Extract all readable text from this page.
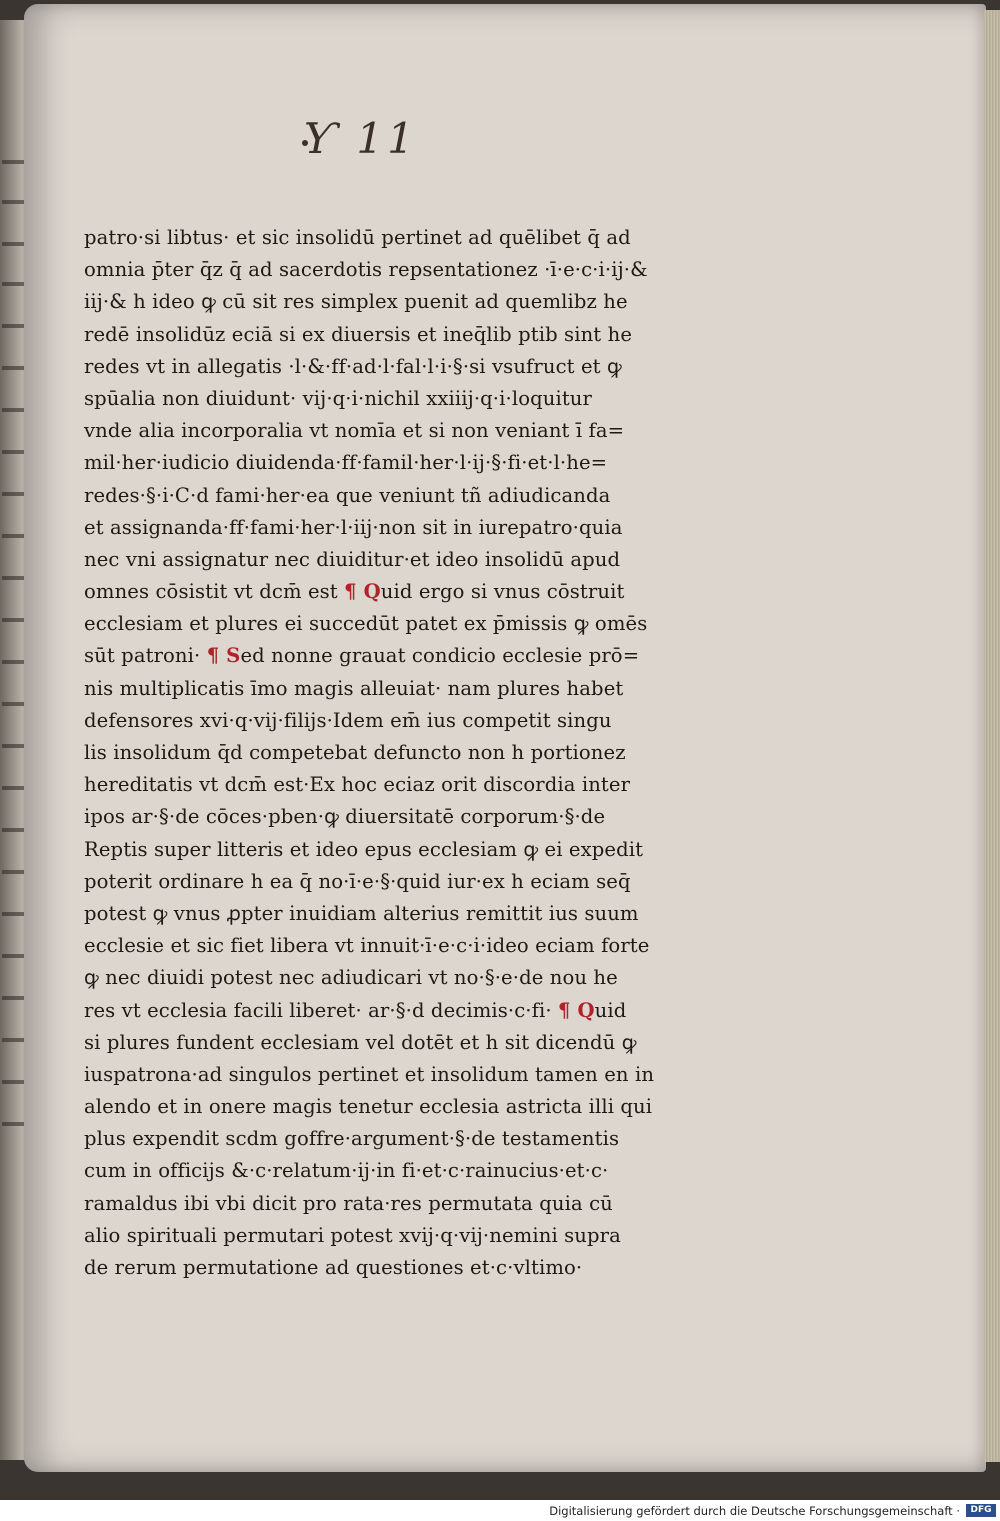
Ƴ 11
patro·si libtus· et sic insolidū pertinet ad quēlibet q̄ ad
omnia p̄ter q̄z q̄ ad sacerdotis repsentationez ·ī·e·c·i·ij·&
iij·& h ideo ꝙ cū sit res simplex puenit ad quemlibz he
redē insolidūz eciā si ex diuersis et ineq̄lib ptib sint he
redes vt in allegatis ·l·&·ff·ad·l·fal·l·i·§·si vsufruct et ꝙ
spūalia non diuidunt· vij·q·i·nichil xxiiij·q·i·loquitur
vnde alia incorporalia vt nomīa et si non veniant ī fa=
mil·her·iudicio diuidenda·ff·famil·her·l·ij·§·fi·et·l·he=
redes·§·i·C·d fami·her·ea que veniunt tñ adiudicanda
et assignanda·ff·fami·her·l·iij·non sit in iurepatro·quia
nec vni assignatur nec diuiditur·et ideo insolidū apud
omnes cōsistit vt dcm̄ est ¶ Quid ergo si vnus cōstruit
ecclesiam et plures ei succedūt patet ex p̄missis ꝙ omēs
sūt patroni· ¶ Sed nonne grauat condicio ecclesie prō=
nis multiplicatis īmo magis alleuiat· nam plures habet
defensores xvi·q·vij·filijs·Idem em̄ ius competit singu
lis insolidum q̄d competebat defuncto non h portionez
hereditatis vt dcm̄ est·Ex hoc eciaz orit discordia inter
ipos ar·§·de cōces·pben·ꝙ diuersitatē corporum·§·de
Reptis super litteris et ideo epus ecclesiam ꝙ ei expedit
poterit ordinare h ea q̄ no·ī·e·§·quid iur·ex h eciam seq̄
potest ꝙ vnus ꝓpter inuidiam alterius remittit ius suum
ecclesie et sic fiet libera vt innuit·ī·e·c·i·ideo eciam forte
ꝙ nec diuidi potest nec adiudicari vt no·§·e·de nou he
res vt ecclesia facili liberet· ar·§·d decimis·c·fi· ¶ Quid
si plures fundent ecclesiam vel dotēt et h sit dicendū ꝙ
iuspatrona·ad singulos pertinet et insolidum tamen en in
alendo et in onere magis tenetur ecclesia astricta illi qui
plus expendit scdm goffre·argument·§·de testamentis
cum in officijs &·c·relatum·ij·in fi·et·c·rainucius·et·c·
ramaldus ibi vbi dicit pro rata·res permutata quia cū
alio spirituali permutari potest xvij·q·vij·nemini supra
de rerum permutatione ad questiones et·c·vltimo·
Digitalisierung gefördert durch die Deutsche Forschungsgemeinschaft ·	DFG
